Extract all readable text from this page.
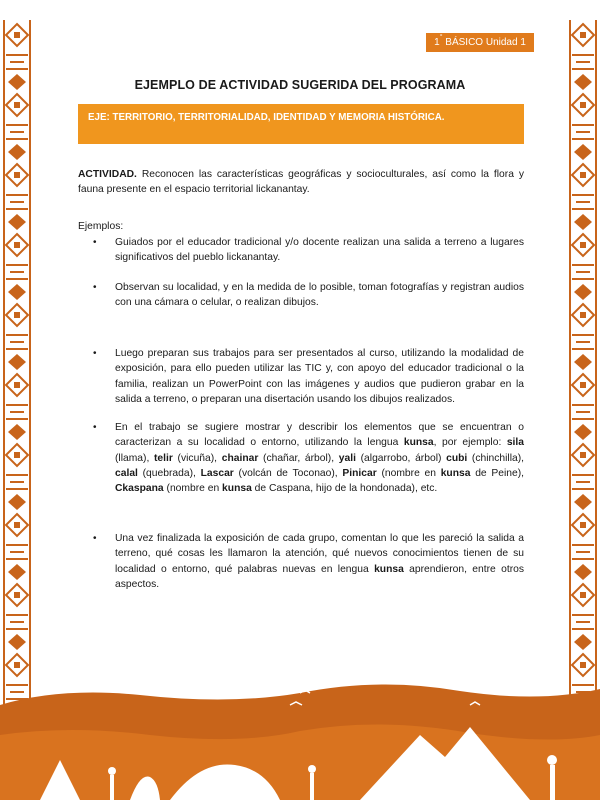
1° BÁSICO Unidad 1
EJEMPLO DE ACTIVIDAD SUGERIDA DEL PROGRAMA
EJE: TERRITORIO, TERRITORIALIDAD, IDENTIDAD Y MEMORIA HISTÓRICA.
ACTIVIDAD. Reconocen las características geográficas y socioculturales, así como la flora y fauna presente en el espacio territorial lickanantay.
Ejemplos:
• Guiados por el educador tradicional y/o docente realizan una salida a terreno a lugares significativos del pueblo lickanantay.
• Observan su localidad, y en la medida de lo posible, toman fotografías y registran audios con una cámara o celular, o realizan dibujos.
• Luego preparan sus trabajos para ser presentados al curso, utilizando la modalidad de exposición, para ello pueden utilizar las TIC y, con apoyo del educador tradicional o la familia, realizan un PowerPoint con las imágenes y audios que pudieron grabar en la salida a terreno, o preparan una disertación usando los dibujos realizados.
• En el trabajo se sugiere mostrar y describir los elementos que se encuentran o caracterizan a su localidad o entorno, utilizando la lengua kunsa, por ejemplo: sila (llama), telir (vicuña), chainar (chañar, árbol), yali (algarrobo, árbol) cubi (chinchilla), calal (quebrada), Lascar (volcán de Toconao), Pinicar (nombre en kunsa de Peine), Ckaspana (nombre en kunsa de Caspana, hijo de la hondonada), etc.
• Una vez finalizada la exposición de cada grupo, comentan lo que les pareció la salida a terreno, qué cosas les llamaron la atención, qué nuevos conocimientos tienen de su localidad o entorno, qué palabras nuevas en lengua kunsa aprendieron, entre otros aspectos.
